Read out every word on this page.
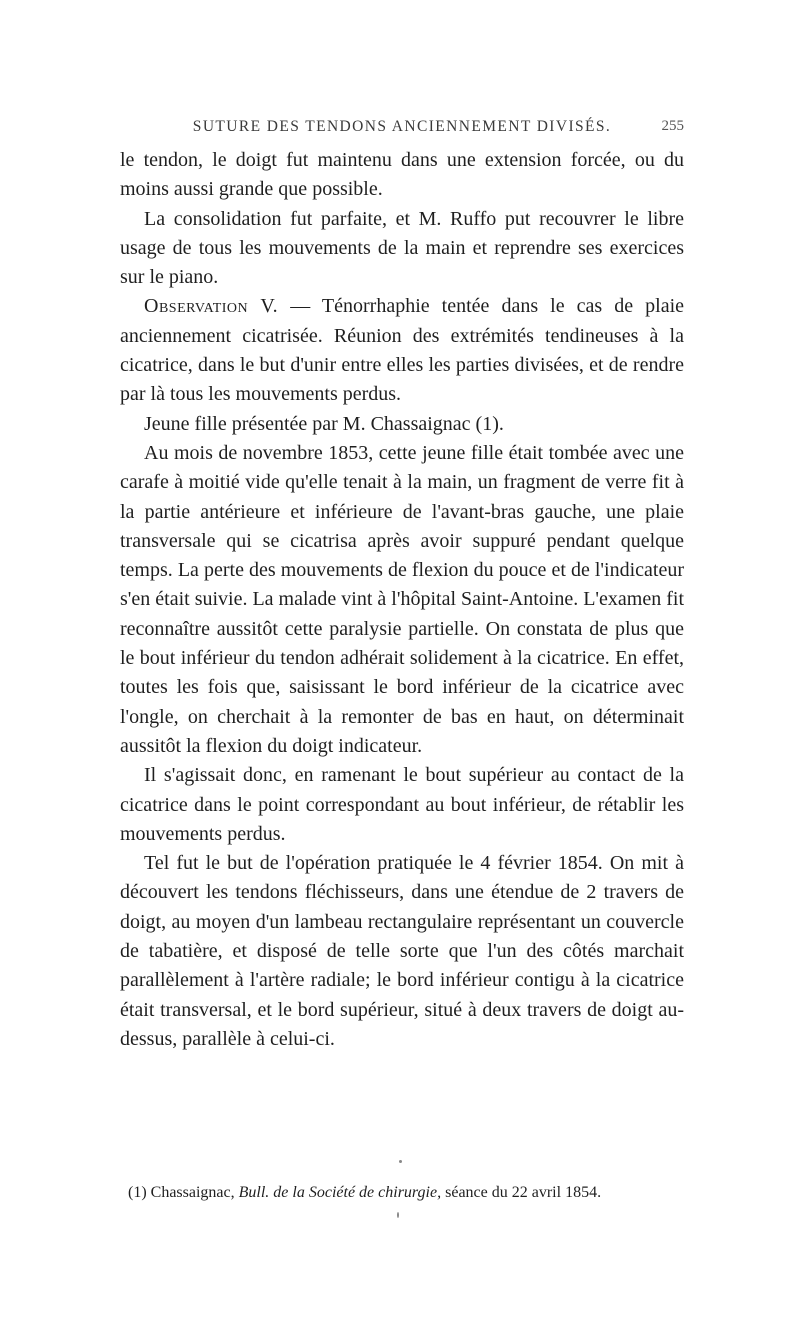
SUTURE DES TENDONS ANCIENNEMENT DIVISÉS.	255

le tendon, le doigt fut maintenu dans une extension forcée, ou du moins aussi grande que possible.

La consolidation fut parfaite, et M. Ruffo put recouvrer le libre usage de tous les mouvements de la main et reprendre ses exercices sur le piano.

Observation V. — Ténorrhaphie tentée dans le cas de plaie anciennement cicatrisée. Réunion des extrémités tendineuses à la cicatrice, dans le but d'unir entre elles les parties divisées, et de rendre par là tous les mouvements perdus.

Jeune fille présentée par M. Chassaignac (1).

Au mois de novembre 1853, cette jeune fille était tombée avec une carafe à moitié vide qu'elle tenait à la main, un fragment de verre fit à la partie antérieure et inférieure de l'avant-bras gauche, une plaie transversale qui se cicatrisa après avoir suppuré pendant quelque temps. La perte des mouvements de flexion du pouce et de l'indicateur s'en était suivie. La malade vint à l'hôpital Saint-Antoine. L'examen fit reconnaître aussitôt cette paralysie partielle. On constata de plus que le bout inférieur du tendon adhérait solidement à la cicatrice. En effet, toutes les fois que, saisissant le bord inférieur de la cicatrice avec l'ongle, on cherchait à la remonter de bas en haut, on déterminait aussitôt la flexion du doigt indicateur.

Il s'agissait donc, en ramenant le bout supérieur au contact de la cicatrice dans le point correspondant au bout inférieur, de rétablir les mouvements perdus.

Tel fut le but de l'opération pratiquée le 4 février 1854. On mit à découvert les tendons fléchisseurs, dans une étendue de 2 travers de doigt, au moyen d'un lambeau rectangulaire représentant un couvercle de tabatière, et disposé de telle sorte que l'un des côtés marchait parallèlement à l'artère radiale; le bord inférieur contigu à la cicatrice était transversal, et le bord supérieur, situé à deux travers de doigt au-dessus, parallèle à celui-ci.

(1) Chassaignac, Bull. de la Société de chirurgie, séance du 22 avril 1854.
